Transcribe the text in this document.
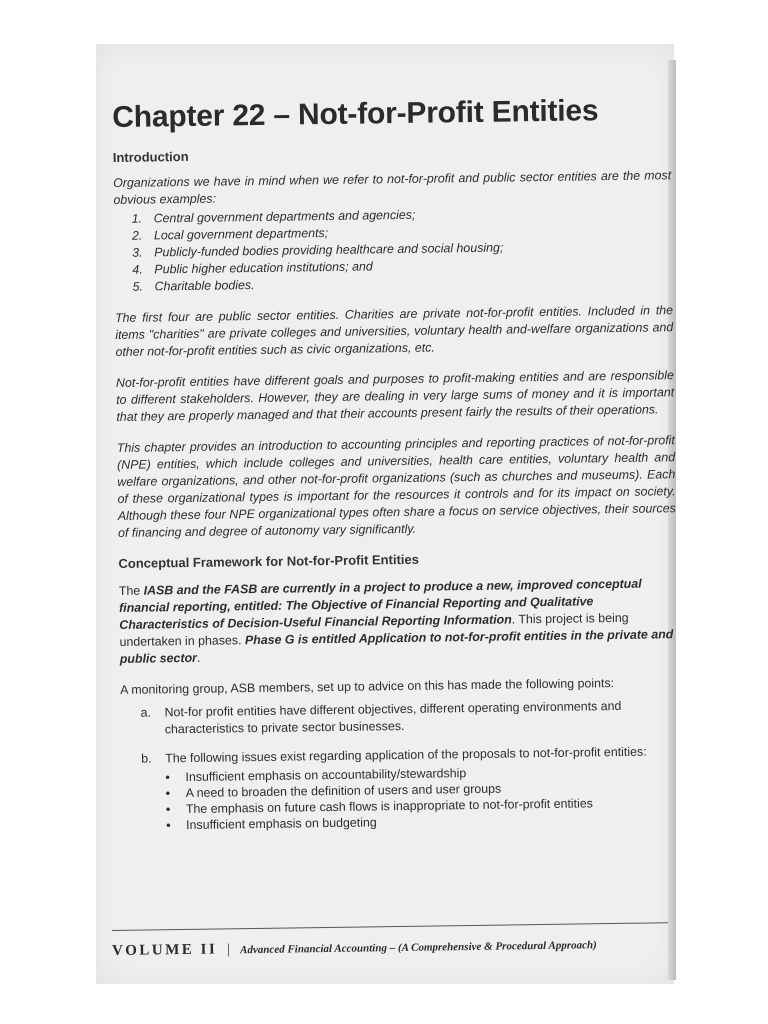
Chapter 22 – Not-for-Profit Entities
Introduction

Organizations we have in mind when we refer to not-for-profit and public sector entities are the most obvious examples:

1. Central government departments and agencies;
2. Local government departments;
3. Publicly-funded bodies providing healthcare and social housing;
4. Public higher education institutions; and
5. Charitable bodies.

The first four are public sector entities. Charities are private not-for-profit entities. Included in the items "charities" are private colleges and universities, voluntary health and-welfare organizations and other not-for-profit entities such as civic organizations, etc.

Not-for-profit entities have different goals and purposes to profit-making entities and are responsible to different stakeholders. However, they are dealing in very large sums of money and it is important that they are properly managed and that their accounts present fairly the results of their operations.

This chapter provides an introduction to accounting principles and reporting practices of not-for-profit (NPE) entities, which include colleges and universities, health care entities, voluntary health and welfare organizations, and other not-for-profit organizations (such as churches and museums). Each of these organizational types is important for the resources it controls and for its impact on society. Although these four NPE organizational types often share a focus on service objectives, their sources of financing and degree of autonomy vary significantly.

Conceptual Framework for Not-for-Profit Entities

The IASB and the FASB are currently in a project to produce a new, improved conceptual financial reporting, entitled: The Objective of Financial Reporting and Qualitative Characteristics of Decision-Useful Financial Reporting Information. This project is being undertaken in phases. Phase G is entitled Application to not-for-profit entities in the private and public sector.

A monitoring group, ASB members, set up to advice on this has made the following points:

a.	Not-for profit entities have different objectives, different operating environments and characteristics to private sector businesses.
b.	The following issues exist regarding application of the proposals to not-for-profit entities:
•	Insufficient emphasis on accountability/stewardship
•	A need to broaden the definition of users and user groups
•	The emphasis on future cash flows is inappropriate to not-for-profit entities
•	Insufficient emphasis on budgeting
VOLUME II | Advanced Financial Accounting – (A Comprehensive & Procedural Approach)
